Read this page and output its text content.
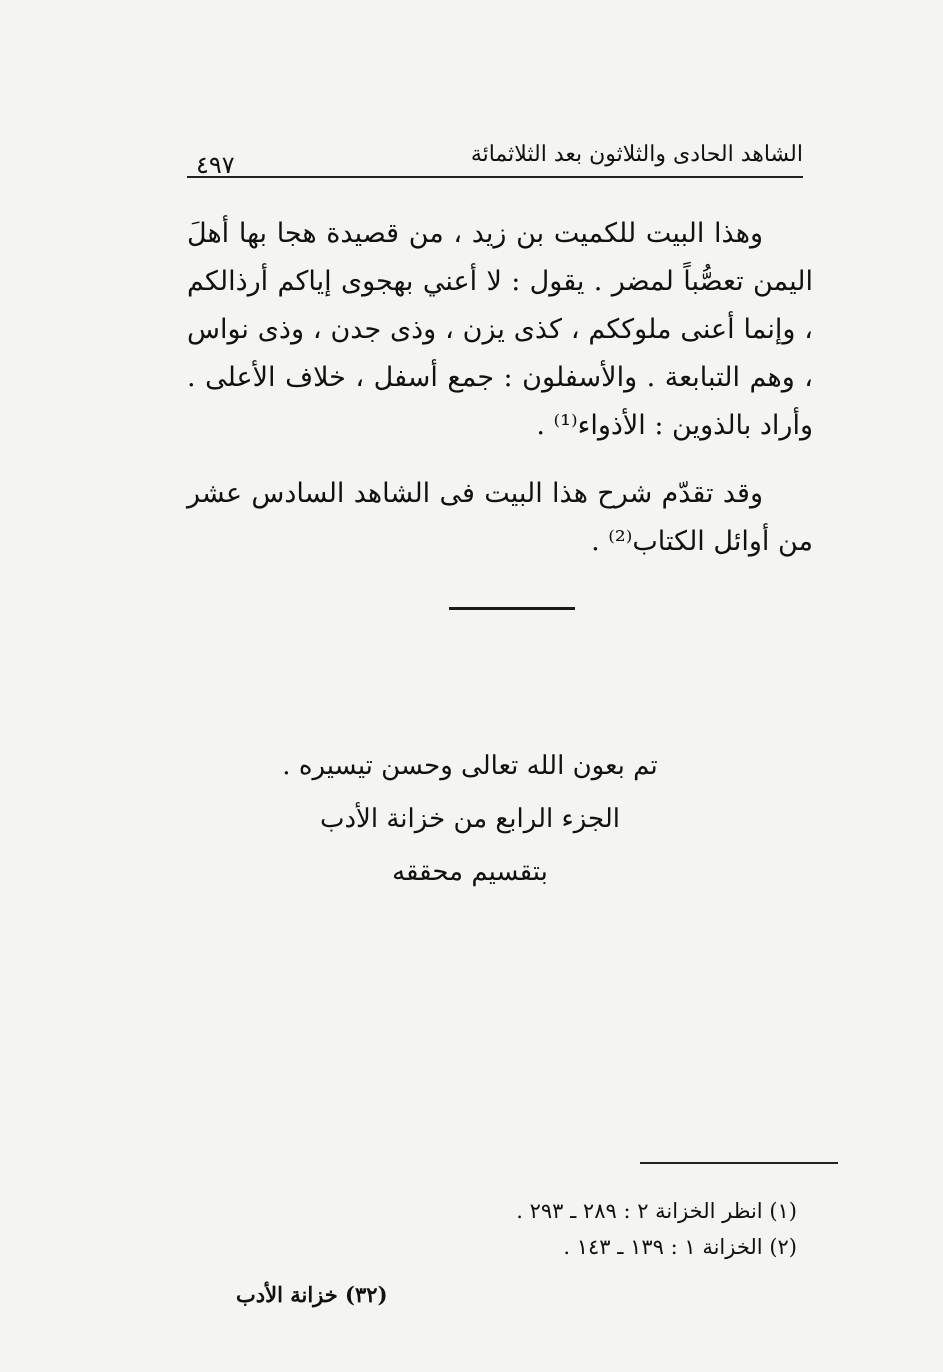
الشاهد الحادى والثلاثون بعد الثلاثمائة
٤٩٧

وهذا البيت للكميت بن زيد ، من قصيدة هجا بها أهلَ اليمن تعصُّباً لمضر . يقول : لا أعني بهجوى إياكم أرذالكم ، وإنما أعنى ملوككم ، كذى يزن ، وذى جدن ، وذى نواس ، وهم التبابعة . والأسفلون : جمع أسفل ، خلاف الأعلى . وأراد بالذوين : الأذواء⁽¹⁾ .

وقد تقدّم شرح هذا البيت فى الشاهد السادس عشر من أوائل الكتاب⁽²⁾ .

تم بعون الله تعالى وحسن تيسيره .

الجزء الرابع من خزانة الأدب

بتقسيم محققه

(١) انظر الخزانة ٢ : ٢٨٩ ـ ٢٩٣ .

(٢) الخزانة ١ : ١٣٩ ـ ١٤٣ .

(٣٢) خزانة الأدب
